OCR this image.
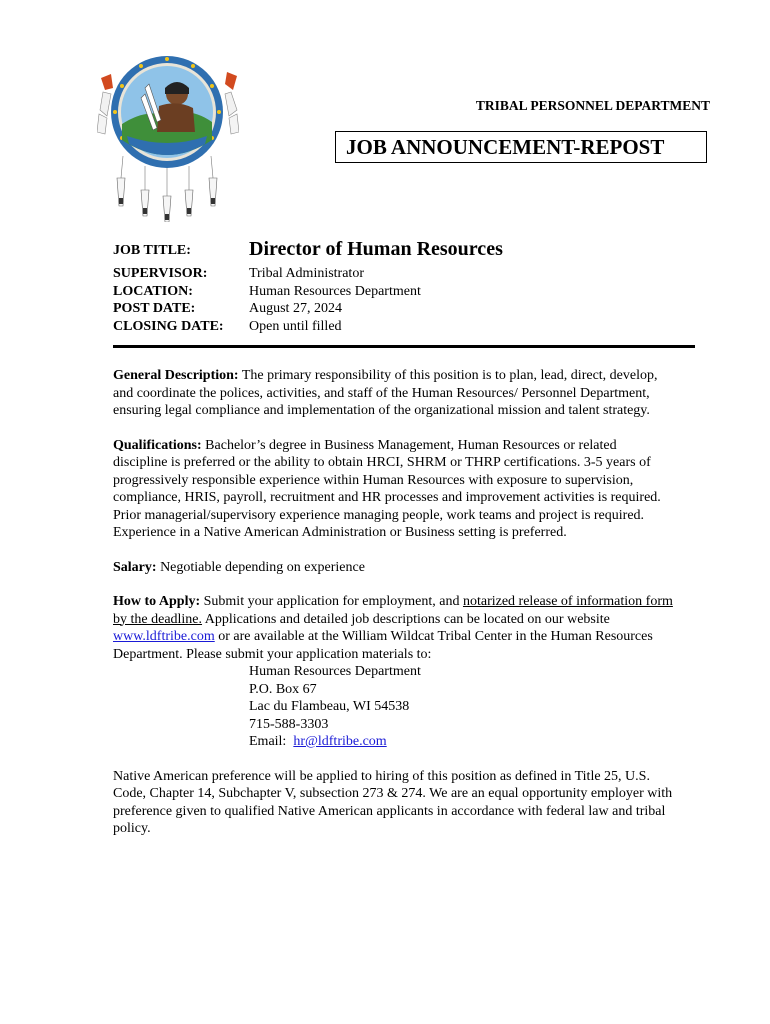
TRIBAL PERSONNEL DEPARTMENT
JOB ANNOUNCEMENT-REPOST
JOB TITLE:	Director of Human Resources
SUPERVISOR:	Tribal Administrator
LOCATION:	Human Resources Department
POST DATE:	August 27, 2024
CLOSING DATE:	Open until filled

General Description: The primary responsibility of this position is to plan, lead, direct, develop, and coordinate the polices, activities, and staff of the Human Resources/ Personnel Department, ensuring legal compliance and implementation of the organizational mission and talent strategy.

Qualifications: Bachelor’s degree in Business Management, Human Resources or related discipline is preferred or the ability to obtain HRCI, SHRM or THRP certifications. 3-5 years of progressively responsible experience within Human Resources with exposure to supervision, compliance, HRIS, payroll, recruitment and HR processes and improvement activities is required. Prior managerial/supervisory experience managing people, work teams and project is required. Experience in a Native American Administration or Business setting is preferred.

Salary: Negotiable depending on experience

How to Apply: Submit your application for employment, and notarized release of information form by the deadline. Applications and detailed job descriptions can be located on our website www.ldftribe.com or are available at the William Wildcat Tribal Center in the Human Resources Department. Please submit your application materials to:

Human Resources Department
P.O. Box 67
Lac du Flambeau, WI 54538
715-588-3303
Email:  hr@ldftribe.com

Native American preference will be applied to hiring of this position as defined in Title 25, U.S. Code, Chapter 14, Subchapter V, subsection 273 & 274. We are an equal opportunity employer with preference given to qualified Native American applicants in accordance with federal law and tribal policy.
